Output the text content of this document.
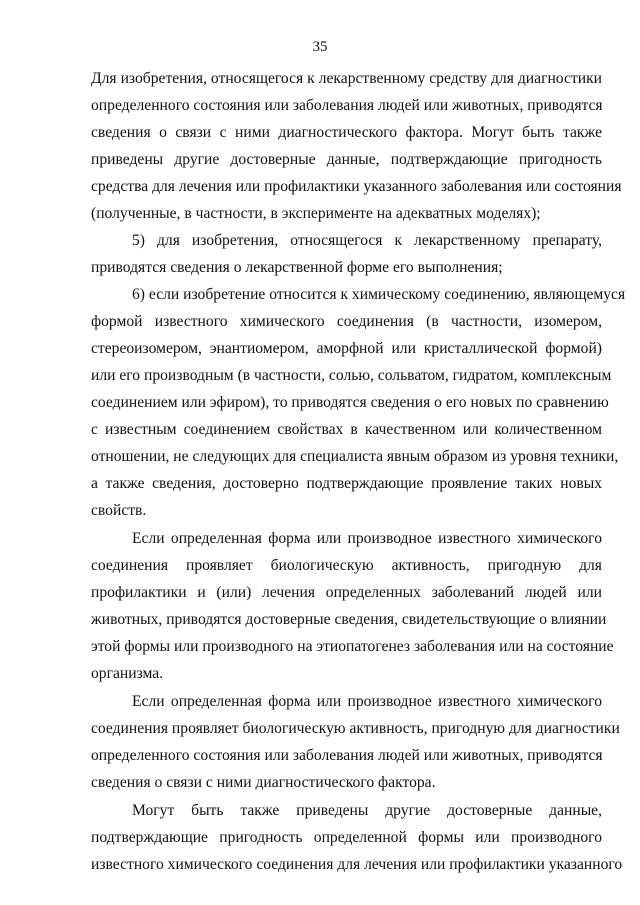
35
Для изобретения, относящегося к лекарственному средству для диагностики
определенного состояния или заболевания людей или животных, приводятся
сведения о связи с ними диагностического фактора. Могут быть также
приведены другие достоверные данные, подтверждающие пригодность
средства для лечения или профилактики указанного заболевания или состояния
(полученные, в частности, в эксперименте на адекватных моделях);
5) для изобретения, относящегося к лекарственному препарату,
приводятся сведения о лекарственной форме его выполнения;
6) если изобретение относится к химическому соединению, являющемуся
формой известного химического соединения (в частности, изомером,
стереоизомером, энантиомером, аморфной или кристаллической формой)
или его производным (в частности, солью, сольватом, гидратом, комплексным
соединением или эфиром), то приводятся сведения о его новых по сравнению
с известным соединением свойствах в качественном или количественном
отношении, не следующих для специалиста явным образом из уровня техники,
а также сведения, достоверно подтверждающие проявление таких новых
свойств.
Если определенная форма или производное известного химического
соединения проявляет биологическую активность, пригодную для
профилактики и (или) лечения определенных заболеваний людей или
животных, приводятся достоверные сведения, свидетельствующие о влиянии
этой формы или производного на этиопатогенез заболевания или на состояние
организма.
Если определенная форма или производное известного химического
соединения проявляет биологическую активность, пригодную для диагностики
определенного состояния или заболевания людей или животных, приводятся
сведения о связи с ними диагностического фактора.
Могут быть также приведены другие достоверные данные,
подтверждающие пригодность определенной формы или производного
известного химического соединения для лечения или профилактики указанного
